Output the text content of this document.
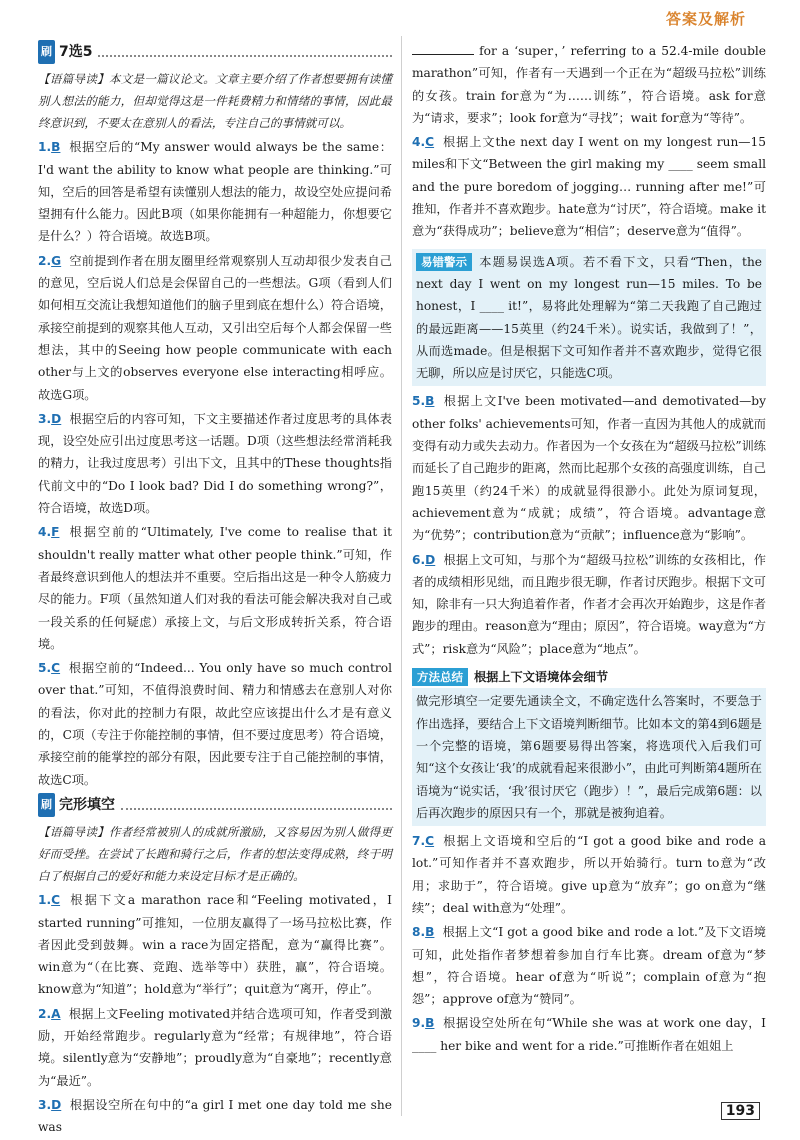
答案及解析
刷 7选5
【语篇导读】本文是一篇议论文。文章主要介绍了作者想要拥有读懂别人想法的能力，但却觉得这是一件耗费精力和情绪的事情，因此最终意识到，不要太在意别人的看法，专注自己的事情就可以。
1.B 根据空后的“My answer would always be the same：I'd want the ability to know what people are thinking.”可知，空后的回答是希望有读懂别人想法的能力，故设空处应提问希望拥有什么能力。因此B项（如果你能拥有一种超能力，你想要它是什么？）符合语境。故选B项。
2.G 空前提到作者在朋友圈里经常观察别人互动却很少发表自己的意见，空后说人们总是会保留自己的一些想法。G项（看到人们如何相互交流让我想知道他们的脑子里到底在想什么）符合语境，承接空前提到的观察其他人互动，又引出空后每个人都会保留一些想法，其中的Seeing how people communicate with each other与上文的observes everyone else interacting相呼应。故选G项。
3.D 根据空后的内容可知，下文主要描述作者过度思考的具体表现，设空处应引出过度思考这一话题。D项（这些想法经常消耗我的精力，让我过度思考）引出下文，且其中的These thoughts指代前文中的“Do I look bad? Did I do something wrong?”，符合语境，故选D项。
4.F 根据空前的“Ultimately, I've come to realise that it shouldn't really matter what other people think.”可知，作者最终意识到他人的想法并不重要。空后指出这是一种令人筋疲力尽的能力。F项（虽然知道人们对我的看法可能会解决我对自己或一段关系的任何疑虑）承接上文，与后文形成转折关系，符合语境。
5.C 根据空前的“Indeed... You only have so much control over that.”可知，不值得浪费时间、精力和情感去在意别人对你的看法，你对此的控制力有限，故此空应该提出什么才是有意义的，C项（专注于你能控制的事情，但不要过度思考）符合语境，承接空前的能掌控的部分有限，因此要专注于自己能控制的事情，故选C项。
刷 完形填空
【语篇导读】作者经常被别人的成就所激励，又容易因为别人做得更好而受挫。在尝试了长跑和骑行之后，作者的想法变得成熟，终于明白了根据自己的爱好和能力来设定目标才是正确的。
1.C 根据下文a marathon race和“Feeling motivated，I started running”可推知，一位朋友赢得了一场马拉松比赛，作者因此受到鼓舞。win a race为固定搭配，意为“赢得比赛”。win意为“（在比赛、竞跑、选举等中）获胜，赢”，符合语境。know意为“知道”；hold意为“举行”；quit意为“离开，停止”。
2.A 根据上文Feeling motivated并结合选项可知，作者受到激励，开始经常跑步。regularly意为“经常；有规律地”，符合语境。silently意为“安静地”；proudly意为“自豪地”；recently意为“最近”。
3.D 根据设空所在句中的“a girl I met one day told me she was
for a ‘super，’ referring to a 52.4-mile double marathon”可知，作者有一天遇到一个正在为“超级马拉松”训练的女孩。train for意为“为……训练”，符合语境。ask for意为“请求，要求”；look for意为“寻找”；wait for意为“等待”。
4.C 根据上文the next day I went on my longest run—15 miles和下文“Between the girl making my ____ seem small and the pure boredom of jogging… running after me!”可推知，作者并不喜欢跑步。hate意为“讨厌”，符合语境。make it意为“获得成功”；believe意为“相信”；deserve意为“值得”。
易错警示 本题易误选A项。若不看下文，只看“Then，the next day I went on my longest run—15 miles. To be honest，I ____ it!”，易将此处理解为“第二天我跑了自己跑过的最远距离——15英里（约24千米）。说实话，我做到了！”，从而选made。但是根据下文可知作者并不喜欢跑步，觉得它很无聊，所以应是讨厌它，只能选C项。
5.B 根据上文I've been motivated—and demotivated—by other folks' achievements可知，作者一直因为其他人的成就而变得有动力或失去动力。作者因为一个女孩在为“超级马拉松”训练而延长了自己跑步的距离，然而比起那个女孩的高强度训练，自己跑15英里（约24千米）的成就显得很渺小。此处为原词复现，achievement意为“成就；成绩”，符合语境。advantage意为“优势”；contribution意为“贡献”；influence意为“影响”。
6.D 根据上文可知，与那个为“超级马拉松”训练的女孩相比，作者的成绩相形见绌，而且跑步很无聊，作者讨厌跑步。根据下文可知，除非有一只大狗追着作者，作者才会再次开始跑步，这是作者跑步的理由。reason意为“理由；原因”，符合语境。way意为“方式”；risk意为“风险”；place意为“地点”。
方法总结 根据上下文语境体会细节
做完形填空一定要先通读全文，不确定选什么答案时，不要急于作出选择，要结合上下文语境判断细节。比如本文的第4到6题是一个完整的语境，第6题要易得出答案，将选项代入后我们可知“这个女孩让‘我’的成就看起来很渺小”，由此可判断第4题所在语境为“说实话，‘我’很讨厌它（跑步）！”，最后完成第6题：以后再次跑步的原因只有一个，那就是被狗追着。
7.C 根据上文语境和空后的“I got a good bike and rode a lot.”可知作者并不喜欢跑步，所以开始骑行。turn to意为“改用；求助于”，符合语境。give up意为“放弃”；go on意为“继续”；deal with意为“处理”。
8.B 根据上文“I got a good bike and rode a lot.”及下文语境可知，此处指作者梦想着参加自行车比赛。dream of意为“梦想”，符合语境。hear of意为“听说”；complain of意为“抱怨”；approve of意为“赞同”。
9.B 根据设空处所在句“While she was at work one day，I ____ her bike and went for a ride.”可推断作者在姐姐上
193
